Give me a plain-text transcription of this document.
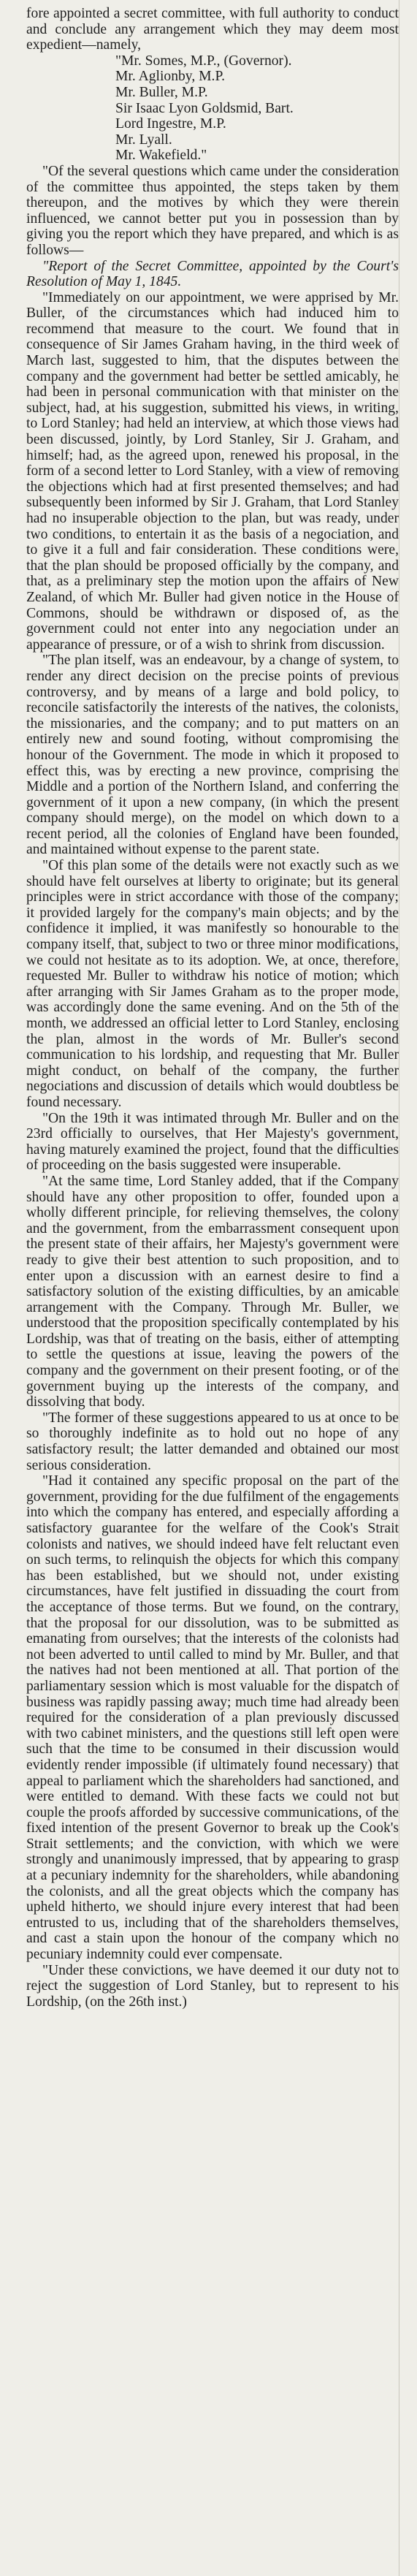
fore appointed a secret committee, with full authority to conduct and conclude any arrangement which they may deem most expedient—namely,

"Mr. Somes, M.P., (Governor).
Mr. Aglionby, M.P.
Mr. Buller, M.P.
Sir Isaac Lyon Goldsmid, Bart.
Lord Ingestre, M.P.
Mr. Lyall.
Mr. Wakefield."

"Of the several questions which came under the consideration of the committee thus appointed, the steps taken by them thereupon, and the motives by which they were therein influenced, we cannot better put you in possession than by giving you the report which they have prepared, and which is as follows—

"Report of the Secret Committee, appointed by the Court's Resolution of May 1, 1845.

"Immediately on our appointment, we were apprised by Mr. Buller, of the circumstances which had induced him to recommend that measure to the court. We found that in consequence of Sir James Graham having, in the third week of March last, suggested to him, that the disputes between the company and the government had better be settled amicably, he had been in personal communication with that minister on the subject, had, at his suggestion, submitted his views, in writing, to Lord Stanley; had held an interview, at which those views had been discussed, jointly, by Lord Stanley, Sir J. Graham, and himself; had, as the agreed upon, renewed his proposal, in the form of a second letter to Lord Stanley, with a view of removing the objections which had at first presented themselves; and had subsequently been informed by Sir J. Graham, that Lord Stanley had no insuperable objection to the plan, but was ready, under two conditions, to entertain it as the basis of a negociation, and to give it a full and fair consideration. These conditions were, that the plan should be proposed officially by the company, and that, as a preliminary step the motion upon the affairs of New Zealand, of which Mr. Buller had given notice in the House of Commons, should be withdrawn or disposed of, as the government could not enter into any negociation under an appearance of pressure, or of a wish to shrink from discussion.

"The plan itself, was an endeavour, by a change of system, to render any direct decision on the precise points of previous controversy, and by means of a large and bold policy, to reconcile satisfactorily the interests of the natives, the colonists, the missionaries, and the company; and to put matters on an entirely new and sound footing, without compromising the honour of the Government. The mode in which it proposed to effect this, was by erecting a new province, comprising the Middle and a portion of the Northern Island, and conferring the government of it upon a new company, (in which the present company should merge), on the model on which down to a recent period, all the colonies of England have been founded, and maintained without expense to the parent state.

"Of this plan some of the details were not exactly such as we should have felt ourselves at liberty to originate; but its general principles were in strict accordance with those of the company; it provided largely for the company's main objects; and by the confidence it implied, it was manifestly so honourable to the company itself, that, subject to two or three minor modifications, we could not hesitate as to its adoption. We, at once, therefore, requested Mr. Buller to withdraw his notice of motion; which after arranging with Sir James Graham as to the proper mode, was accordingly done the same evening. And on the 5th of the month, we addressed an official letter to Lord Stanley, enclosing the plan, almost in the words of Mr. Buller's second communication to his lordship, and requesting that Mr. Buller might conduct, on behalf of the company, the further negociations and discussion of details which would doubtless be found necessary.

"On the 19th it was intimated through Mr. Buller and on the 23rd officially to ourselves, that Her Majesty's government, having maturely examined the project, found that the difficulties of proceeding on the basis suggested were insuperable.

"At the same time, Lord Stanley added, that if the Company should have any other proposition to offer, founded upon a wholly different principle, for relieving themselves, the colony and the government, from the embarrassment consequent upon the present state of their affairs, her Majesty's government were ready to give their best attention to such proposition, and to enter upon a discussion with an earnest desire to find a satisfactory solution of the existing difficulties, by an amicable arrangement with the Company. Through Mr. Buller, we understood that the proposition specifically contemplated by his Lordship, was that of treating on the basis, either of attempting to settle the questions at issue, leaving the powers of the company and the government on their present footing, or of the government buying up the interests of the company, and dissolving that body.

"The former of these suggestions appeared to us at once to be so thoroughly indefinite as to hold out no hope of any satisfactory result; the latter demanded and obtained our most serious consideration.

"Had it contained any specific proposal on the part of the government, providing for the due fulfilment of the engagements into which the company has entered, and especially affording a satisfactory guarantee for the welfare of the Cook's Strait colonists and natives, we should indeed have felt reluctant even on such terms, to relinquish the objects for which this company has been established, but we should not, under existing circumstances, have felt justified in dissuading the court from the acceptance of those terms. But we found, on the contrary, that the proposal for our dissolution, was to be submitted as emanating from ourselves; that the interests of the colonists had not been adverted to until called to mind by Mr. Buller, and that the natives had not been mentioned at all. That portion of the parliamentary session which is most valuable for the dispatch of business was rapidly passing away; much time had already been required for the consideration of a plan previously discussed with two cabinet ministers, and the questions still left open were such that the time to be consumed in their discussion would evidently render impossible (if ultimately found necessary) that appeal to parliament which the shareholders had sanctioned, and were entitled to demand. With these facts we could not but couple the proofs afforded by successive communications, of the fixed intention of the present Governor to break up the Cook's Strait settlements; and the conviction, with which we were strongly and unanimously impressed, that by appearing to grasp at a pecuniary indemnity for the shareholders, while abandoning the colonists, and all the great objects which the company has upheld hitherto, we should injure every interest that had been entrusted to us, including that of the shareholders themselves, and cast a stain upon the honour of the company which no pecuniary indemnity could ever compensate.

"Under these convictions, we have deemed it our duty not to reject the suggestion of Lord Stanley, but to represent to his Lordship, (on the 26th inst.)
